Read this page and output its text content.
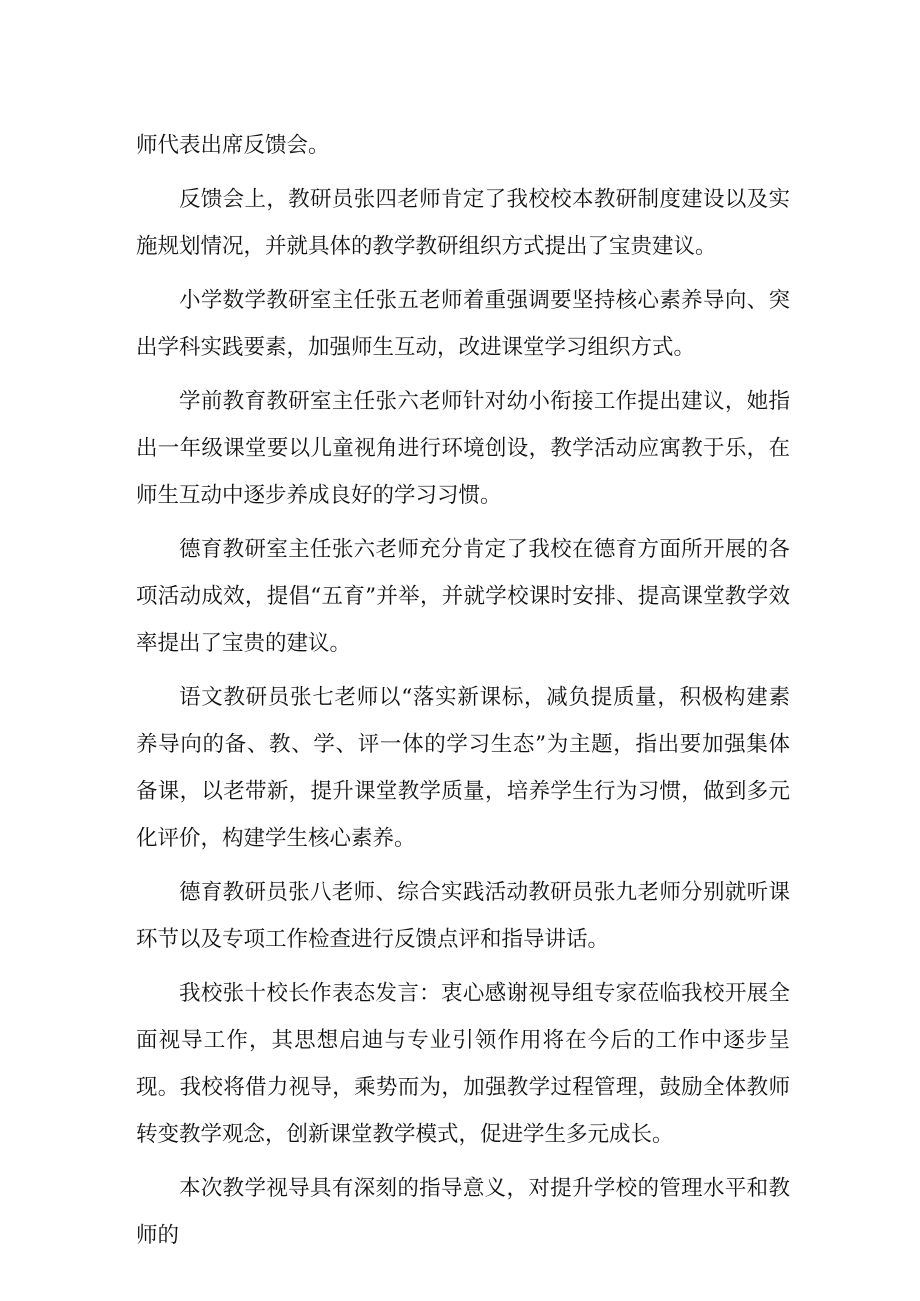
师代表出席反馈会。

反馈会上，教研员张四老师肯定了我校校本教研制度建设以及实施规划情况，并就具体的教学教研组织方式提出了宝贵建议。

小学数学教研室主任张五老师着重强调要坚持核心素养导向、突出学科实践要素，加强师生互动，改进课堂学习组织方式。

学前教育教研室主任张六老师针对幼小衔接工作提出建议，她指出一年级课堂要以儿童视角进行环境创设，教学活动应寓教于乐，在师生互动中逐步养成良好的学习习惯。

德育教研室主任张六老师充分肯定了我校在德育方面所开展的各项活动成效，提倡“五育”并举，并就学校课时安排、提高课堂教学效率提出了宝贵的建议。

语文教研员张七老师以“落实新课标，减负提质量，积极构建素养导向的备、教、学、评一体的学习生态”为主题，指出要加强集体备课，以老带新，提升课堂教学质量，培养学生行为习惯，做到多元化评价，构建学生核心素养。

德育教研员张八老师、综合实践活动教研员张九老师分别就听课环节以及专项工作检查进行反馈点评和指导讲话。

我校张十校长作表态发言：衷心感谢视导组专家莅临我校开展全面视导工作，其思想启迪与专业引领作用将在今后的工作中逐步呈现。我校将借力视导，乘势而为，加强教学过程管理，鼓励全体教师转变教学观念，创新课堂教学模式，促进学生多元成长。

本次教学视导具有深刻的指导意义，对提升学校的管理水平和教师的
